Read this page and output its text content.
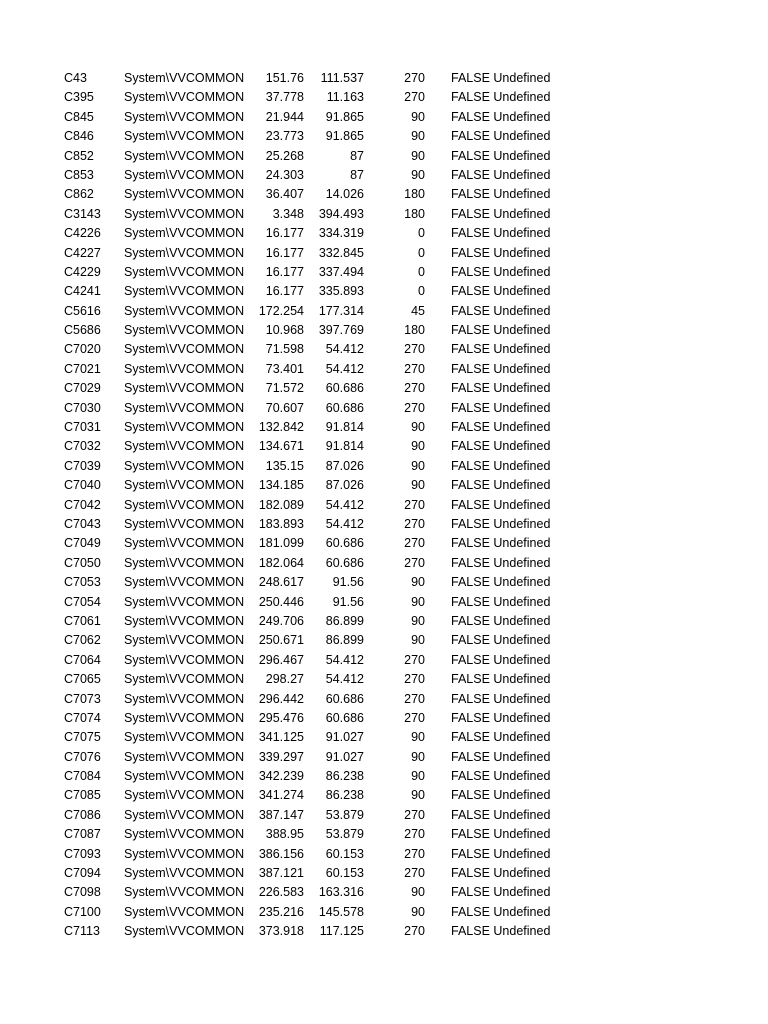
C43	System\VVCOMMON 151.76 111.537	270 FALSE Undefined
C395 System\VVCOMMON 37.778 11.163	270 FALSE Undefined
C845 System\VVCOMMON 21.944 91.865	90 FALSE Undefined
C846 System\VVCOMMON 23.773 91.865	90 FALSE Undefined
C852 System\VVCOMMON 25.268	87	90 FALSE Undefined
C853 System\VVCOMMON 24.303	87	90 FALSE Undefined
C862 System\VVCOMMON 36.407 14.026	180 FALSE Undefined
C3143 System\VVCOMMON 3.348 394.493	180 FALSE Undefined
C4226 System\VVCOMMON 16.177 334.319	0 FALSE Undefined
C4227 System\VVCOMMON 16.177 332.845	0 FALSE Undefined
C4229 System\VVCOMMON 16.177 337.494	0 FALSE Undefined
C4241 System\VVCOMMON 16.177 335.893	0 FALSE Undefined
C5616 System\VVCOMMON 172.254 177.314	45 FALSE Undefined
C5686 System\VVCOMMON 10.968 397.769	180 FALSE Undefined
C7020 System\VVCOMMON 71.598 54.412	270 FALSE Undefined
C7021 System\VVCOMMON 73.401 54.412	270 FALSE Undefined
C7029 System\VVCOMMON 71.572 60.686	270 FALSE Undefined
C7030 System\VVCOMMON 70.607 60.686	270 FALSE Undefined
C7031 System\VVCOMMON 132.842 91.814	90 FALSE Undefined
C7032 System\VVCOMMON 134.671 91.814	90 FALSE Undefined
C7039 System\VVCOMMON 135.15 87.026	90 FALSE Undefined
C7040 System\VVCOMMON 134.185 87.026	90 FALSE Undefined
C7042 System\VVCOMMON 182.089 54.412	270 FALSE Undefined
C7043 System\VVCOMMON 183.893 54.412	270 FALSE Undefined
C7049 System\VVCOMMON 181.099 60.686	270 FALSE Undefined
C7050 System\VVCOMMON 182.064 60.686	270 FALSE Undefined
C7053 System\VVCOMMON 248.617 91.56	90 FALSE Undefined
C7054 System\VVCOMMON 250.446 91.56	90 FALSE Undefined
C7061 System\VVCOMMON 249.706 86.899	90 FALSE Undefined
C7062 System\VVCOMMON 250.671 86.899	90 FALSE Undefined
C7064 System\VVCOMMON 296.467 54.412	270 FALSE Undefined
C7065 System\VVCOMMON 298.27 54.412	270 FALSE Undefined
C7073 System\VVCOMMON 296.442 60.686	270 FALSE Undefined
C7074 System\VVCOMMON 295.476 60.686	270 FALSE Undefined
C7075 System\VVCOMMON 341.125 91.027	90 FALSE Undefined
C7076 System\VVCOMMON 339.297 91.027	90 FALSE Undefined
C7084 System\VVCOMMON 342.239 86.238	90 FALSE Undefined
C7085 System\VVCOMMON 341.274 86.238	90 FALSE Undefined
C7086 System\VVCOMMON 387.147 53.879	270 FALSE Undefined
C7087 System\VVCOMMON 388.95 53.879	270 FALSE Undefined
C7093 System\VVCOMMON 386.156 60.153	270 FALSE Undefined
C7094 System\VVCOMMON 387.121 60.153	270 FALSE Undefined
C7098 System\VVCOMMON 226.583 163.316	90 FALSE Undefined
C7100 System\VVCOMMON 235.216 145.578	90 FALSE Undefined
C7113 System\VVCOMMON 373.918 117.125	270 FALSE Undefined
